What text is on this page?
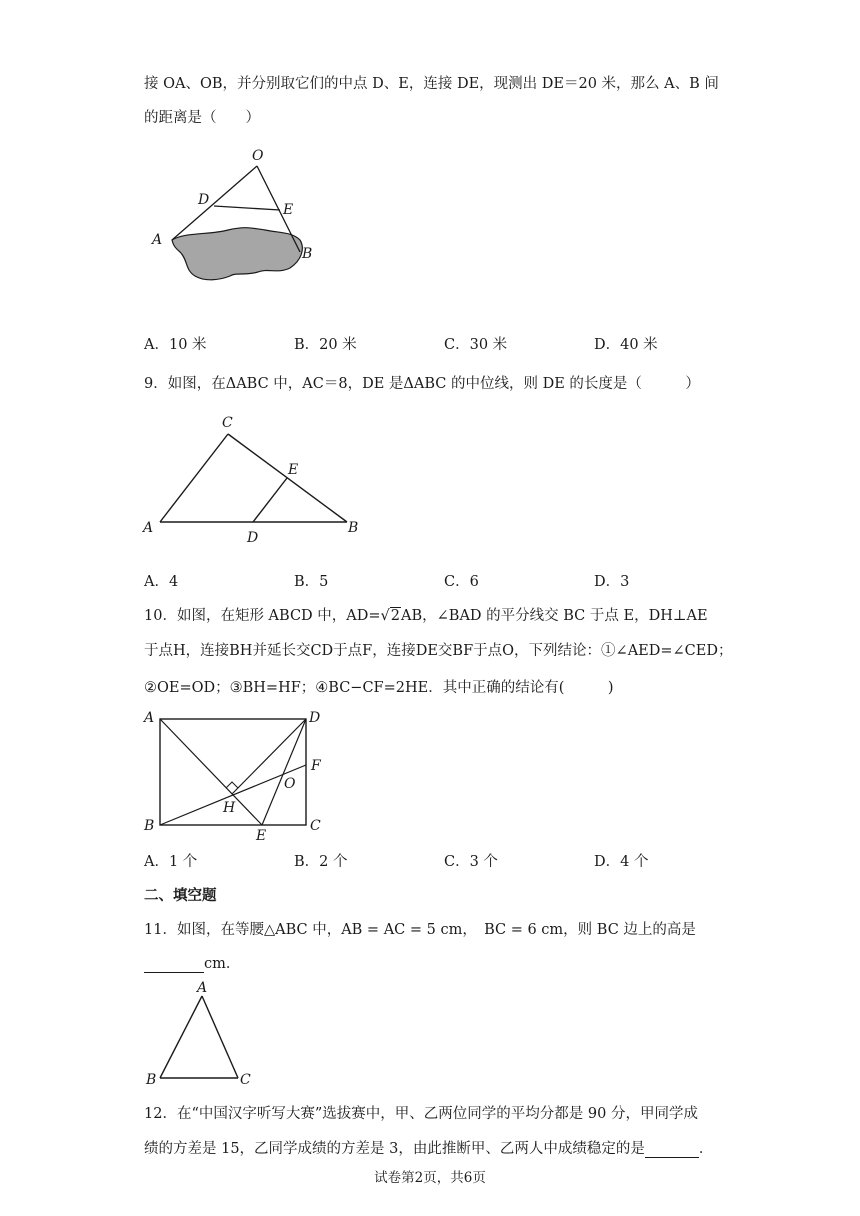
接 OA、OB，并分别取它们的中点 D、E，连接 DE，现测出 DE＝20 米，那么 A、B 间
的距离是（　　）
O
D
E
A
B
A．10 米	B．20 米	C．30 米	D．40 米
9．如图，在ΔABC 中，AC＝8，DE 是ΔABC 的中位线，则 DE 的长度是（　　　）
C
E
A
D
B
A．4	B．5	C．6	D．3
10．如图，在矩形 ABCD 中，AD=√2AB，∠BAD 的平分线交 BC 于点 E，DH⊥AE
于点H，连接BH并延长交CD于点F，连接DE交BF于点O，下列结论：①∠AED=∠CED；
②OE=OD；③BH=HF；④BC−CF=2HE．其中正确的结论有(　　　)
A	D
F
O
H
B
E
C
A．1 个	B．2 个	C．3 个	D．4 个
二、填空题
11．如图，在等腰△ABC 中，AB = AC = 5 cm，　BC = 6 cm，则 BC 边上的高是
cm．
A
B	C
12．在“中国汉字听写大赛”选拔赛中，甲、乙两位同学的平均分都是 90 分，甲同学成
绩的方差是 15，乙同学成绩的方差是 3，由此推断甲、乙两人中成绩稳定的是	．
试卷第2页，共6页
